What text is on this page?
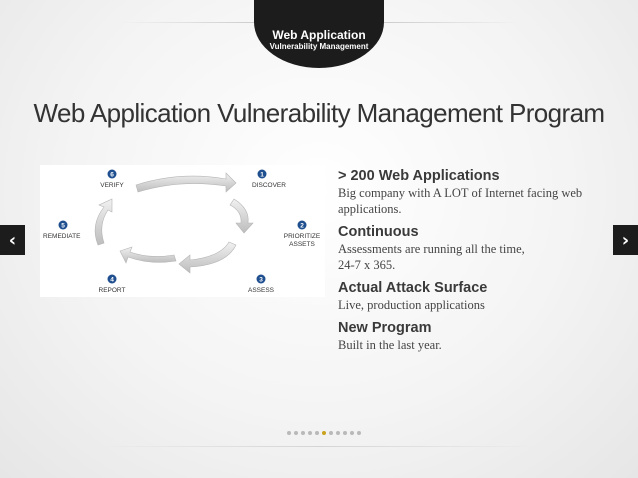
Web Application
Vulnerability Management
Web Application Vulnerability Management Program
1
2
3
4
5
6
DISCOVER
PRIORITIZE
ASSETS
ASSESS
REPORT
REMEDIATE
VERIFY
> 200 Web Applications
Big company with A LOT of Internet facing web
applications.
Continuous
Assessments are running all the time,
24-7 x 365.
Actual Attack Surface
Live, production applications
New Program
Built in the last year.
‹	›
